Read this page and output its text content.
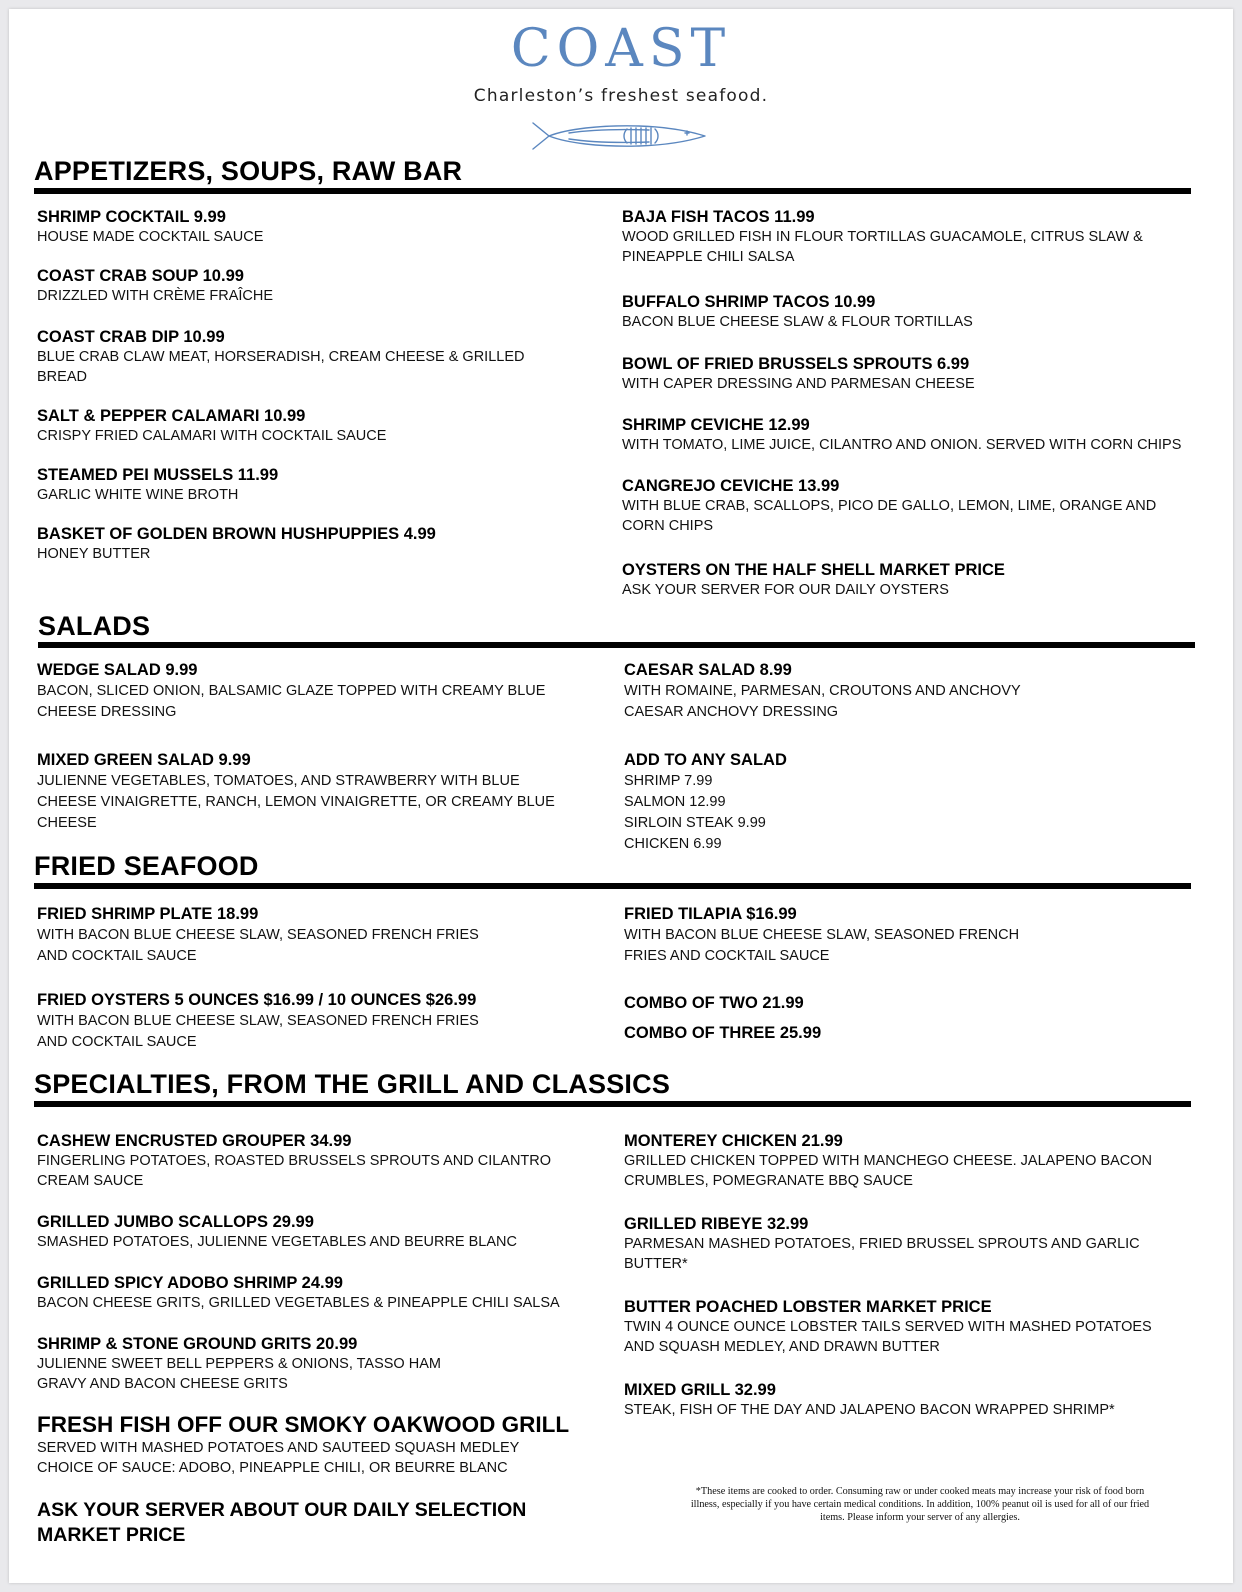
COAST
Charleston’s freshest seafood.
APPETIZERS, SOUPS, RAW BAR
SHRIMP COCKTAIL 9.99
HOUSE MADE COCKTAIL SAUCE
COAST CRAB SOUP 10.99
DRIZZLED WITH CRÈME FRAÎCHE
COAST CRAB DIP 10.99
BLUE CRAB CLAW MEAT, HORSERADISH, CREAM CHEESE & GRILLED BREAD
SALT & PEPPER CALAMARI 10.99
CRISPY FRIED CALAMARI WITH COCKTAIL SAUCE
STEAMED PEI MUSSELS 11.99
GARLIC WHITE WINE BROTH
BASKET OF GOLDEN BROWN HUSHPUPPIES 4.99
HONEY BUTTER
BAJA FISH TACOS 11.99
WOOD GRILLED FISH IN FLOUR TORTILLAS GUACAMOLE, CITRUS SLAW & PINEAPPLE CHILI SALSA
BUFFALO SHRIMP TACOS 10.99
BACON BLUE CHEESE SLAW & FLOUR TORTILLAS
BOWL OF FRIED BRUSSELS SPROUTS 6.99
WITH CAPER DRESSING AND PARMESAN CHEESE
SHRIMP CEVICHE 12.99
WITH TOMATO, LIME JUICE, CILANTRO AND ONION. SERVED WITH CORN CHIPS
CANGREJO CEVICHE 13.99
WITH BLUE CRAB, SCALLOPS, PICO DE GALLO, LEMON, LIME, ORANGE AND CORN CHIPS
OYSTERS ON THE HALF SHELL MARKET PRICE
ASK YOUR SERVER FOR OUR DAILY OYSTERS
SALADS
WEDGE SALAD 9.99
BACON, SLICED ONION, BALSAMIC GLAZE TOPPED WITH CREAMY BLUE CHEESE DRESSING
MIXED GREEN SALAD 9.99
JULIENNE VEGETABLES, TOMATOES, AND STRAWBERRY WITH BLUE CHEESE VINAIGRETTE, RANCH, LEMON VINAIGRETTE, OR CREAMY BLUE CHEESE
CAESAR SALAD 8.99
WITH ROMAINE, PARMESAN, CROUTONS AND ANCHOVY CAESAR ANCHOVY DRESSING
ADD TO ANY SALAD
SHRIMP 7.99
SALMON 12.99
SIRLOIN STEAK 9.99
CHICKEN 6.99
FRIED SEAFOOD
FRIED SHRIMP PLATE 18.99
WITH BACON BLUE CHEESE SLAW, SEASONED FRENCH FRIES AND COCKTAIL SAUCE
FRIED OYSTERS 5 OUNCES $16.99 / 10 OUNCES $26.99
WITH BACON BLUE CHEESE SLAW, SEASONED FRENCH FRIES AND COCKTAIL SAUCE
FRIED TILAPIA $16.99
WITH BACON BLUE CHEESE SLAW, SEASONED FRENCH FRIES AND COCKTAIL SAUCE
COMBO OF TWO 21.99
COMBO OF THREE 25.99
SPECIALTIES, FROM THE GRILL AND CLASSICS
CASHEW ENCRUSTED GROUPER 34.99
FINGERLING POTATOES, ROASTED BRUSSELS SPROUTS AND CILANTRO CREAM SAUCE
GRILLED JUMBO SCALLOPS 29.99
SMASHED POTATOES, JULIENNE VEGETABLES AND BEURRE BLANC
GRILLED SPICY ADOBO SHRIMP 24.99
BACON CHEESE GRITS, GRILLED VEGETABLES & PINEAPPLE CHILI SALSA
SHRIMP & STONE GROUND GRITS 20.99
JULIENNE SWEET BELL PEPPERS & ONIONS, TASSO HAM GRAVY AND BACON CHEESE GRITS
FRESH FISH OFF OUR SMOKY OAKWOOD GRILL
SERVED WITH MASHED POTATOES AND SAUTEED SQUASH MEDLEY
CHOICE OF SAUCE: ADOBO, PINEAPPLE CHILI, OR BEURRE BLANC
ASK YOUR SERVER ABOUT OUR DAILY SELECTION
MARKET PRICE
MONTEREY CHICKEN 21.99
GRILLED CHICKEN TOPPED WITH MANCHEGO CHEESE. JALAPENO BACON CRUMBLES, POMEGRANATE BBQ SAUCE
GRILLED RIBEYE 32.99
PARMESAN MASHED POTATOES, FRIED BRUSSEL SPROUTS AND GARLIC BUTTER*
BUTTER POACHED LOBSTER MARKET PRICE
TWIN 4 OUNCE OUNCE LOBSTER TAILS SERVED WITH MASHED POTATOES AND SQUASH MEDLEY, AND DRAWN BUTTER
MIXED GRILL 32.99
STEAK, FISH OF THE DAY AND JALAPENO BACON WRAPPED SHRIMP*
*These items are cooked to order. Consuming raw or under cooked meats may increase your risk of food born illness, especially if you have certain medical conditions. In addition, 100% peanut oil is used for all of our fried items. Please inform your server of any allergies.
